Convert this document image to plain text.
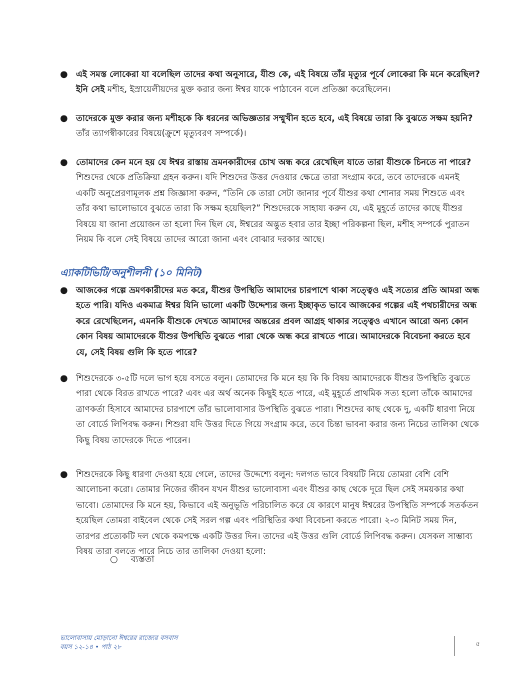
● এই সমস্ত লোকেরা যা বলেছিল তাদের কথা অনুসারে, যীশু কে, এই বিষয়ে তাঁর মৃত্যুর পূর্বে লোকেরা কি মনে করেছিল? ইনি সেই মশীহ, ইস্রায়েলীয়দের মুক্ত করার জন্য ঈশ্বর যাকে পাঠাবেন বলে প্রতিজ্ঞা করেছিলেন।
● তাদেরকে মুক্ত করার জন্য মশীহকে কি ধরনের অভিজ্ঞতার সম্মুখীন হতে হবে, এই বিষয়ে তারা কি বুঝতে সক্ষম হয়নি?
তাঁর ত্যাগস্বীকারের বিষয়ে(ক্রুশে মৃত্যুবরণ সম্পর্কে)।
● তোমাদের কেন মনে হয় যে ঈশ্বর রাস্তায় ভ্রমনকারীদের চোখ অন্ধ করে রেখেছিল যাতে তারা যীশুকে চিনতে না পারে?
শিশুদের থেকে প্রতিক্রিয়া গ্রহন করুন। যদি শিশুদের উত্তর দেওয়ার ক্ষেত্রে তারা সংগ্রাম করে, তবে তাদেরকে এমনই একটি অনুপ্রেরণামূলক প্রশ্ন জিজ্ঞাসা করুন, “তিনি কে তারা সেটা জানার পূর্বে যীশুর কথা শোনার সময় শিশুতে এবং তাঁর কথা ভালোভাবে বুঝতে তারা কি সক্ষম হয়েছিল?” শিশুদেরকে সাহায্য করুন যে, এই মুহূর্তে তাদের কাছে যীশুর বিষয়ে যা জানা প্রয়োজন তা হলো দিন ছিল যে, ঈশ্বরের অদ্ভুত হবার তার ইচ্ছা পরিকল্পনা ছিল, মশীহ সম্পর্কে পুরাতন নিয়ম কি বলে সেই বিষয়ে তাদের আরো জানা এবং বোঝার দরকার আছে।
এ্যাকটিভিটি/অনুশীলনী (১০ মিনিট)
● আজকের গল্পে ভ্রমণকারীদের মত করে, যীশুর উপস্থিতি আমাদের চারপাশে থাকা সত্ত্বেও এই সত্যের প্রতি আমরা অন্ধ হতে পারি। যদিও একমাত্র ঈশ্বর যিনি ভালো একটি উদ্দেশ্যর জন্য ইচ্ছাকৃত ভাবে আজকের গল্পের এই পথচারীদের অন্ধ করে রেখেছিলেন, এমনকি যীশুকে দেখতে আমাদের অন্তরের প্রবল আগ্রহ থাকার সত্ত্বেও এখানে আরো অন্য কোন কোন বিষয় আমাদেরকে যীশুর উপস্থিতি বুঝতে পারা থেকে অন্ধ করে রাখতে পারে। আমাদেরকে বিবেচনা করতে হবে যে, সেই বিষয় গুলি কি হতে পারে?
● শিশুদেরকে ৩-৫টি দলে ভাগ হয়ে বসতে বলুন। তোমাদের কি মনে হয় কি কি বিষয় আমাদেরকে যীশুর উপস্থিতি বুঝতে পারা থেকে বিরত রাখতে পারে? এবং এর অর্থ অনেক কিছুই হতে পারে, এই মুহূর্তে প্রাথমিক সত্য হলো তাঁকে আমাদের ত্রাণকর্তা হিসাবে আমাদের চারপাশে তাঁর ভালোবাসার উপস্থিতি বুঝতে পারা। শিশুদের কাছ থেকে দু, একটি ধারণা নিয়ে তা বোর্ডে লিপিবদ্ধ করুন। শিশুরা যদি উত্তর দিতে গিয়ে সংগ্রাম করে, তবে চিন্তা ভাবনা করার জন্য নিচের তালিকা থেকে কিছু বিষয় তাদেরকে দিতে পারেন।
● শিশুদেরকে কিছু ধারণা দেওয়া হয়ে গেলে, তাদের উদ্দেশ্যে বলুন: দলগত ভাবে বিষয়টি নিয়ে তোমরা বেশি বেশি আলোচনা করো। তোমার নিজের জীবন যখন যীশুর ভালোবাসা এবং যীশুর কাছ থেকে দূরে ছিল সেই সময়কার কথা ভাবো। তোমাদের কি মনে হয়, কিভাবে এই অনুভূতি পরিচালিত করে যে কারণে মানুষ ঈশ্বরের উপস্থিতি সম্পর্কে সতর্কতন হয়েছিল তোমরা বাইবেল থেকে সেই সরল গল্প এবং পরিস্থিতির কথা বিবেচনা করতে পারো। ২-৩ মিনিট সময় দিন, তারপর প্রত্যেকটি দল থেকে কমপক্ষে একটি উত্তর দিন। তাদের এই উত্তর গুলি বোর্ডে লিপিবদ্ধ করুন। যেসকল সাম্ভাব্য বিষয় তারা বলতে পারে নিচে তার তালিকা দেওয়া হলো:
○ ব্যস্ততা
ভালোবাসায় মোড়ানো ঈশ্বরের রাজ্যের বসবাস
বয়স ১২-১৪ • পাঠ ২৮	৫
